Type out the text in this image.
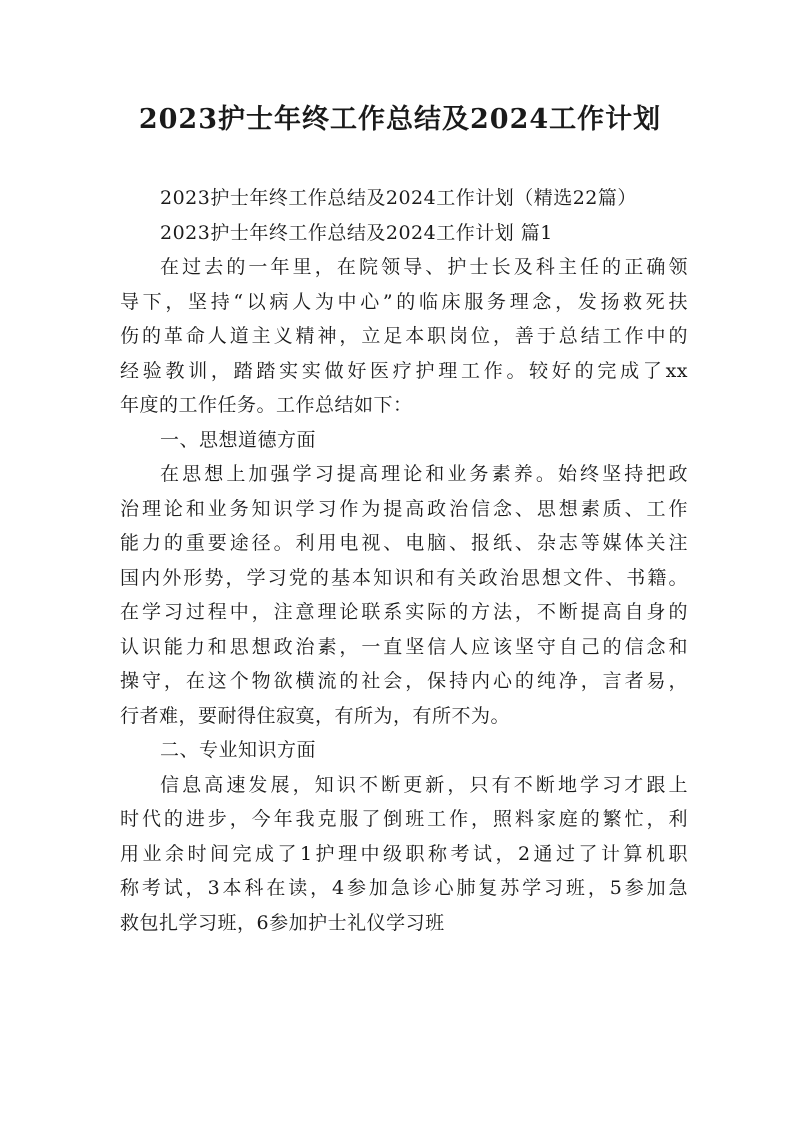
2023护士年终工作总结及2024工作计划
2023护士年终工作总结及2024工作计划（精选22篇）
2023护士年终工作总结及2024工作计划 篇1
在过去的一年里，在院领导、护士长及科主任的正确领
导下，坚持“以病人为中心”的临床服务理念，发扬救死扶
伤的革命人道主义精神，立足本职岗位，善于总结工作中的
经验教训，踏踏实实做好医疗护理工作。较好的完成了xx
年度的工作任务。工作总结如下：
一、思想道德方面
在思想上加强学习提高理论和业务素养。始终坚持把政
治理论和业务知识学习作为提高政治信念、思想素质、工作
能力的重要途径。利用电视、电脑、报纸、杂志等媒体关注
国内外形势，学习党的基本知识和有关政治思想文件、书籍。
在学习过程中，注意理论联系实际的方法，不断提高自身的
认识能力和思想政治素，一直坚信人应该坚守自己的信念和
操守，在这个物欲横流的社会，保持内心的纯净，言者易，
行者难，要耐得住寂寞，有所为，有所不为。
二、专业知识方面
信息高速发展，知识不断更新，只有不断地学习才跟上
时代的进步，今年我克服了倒班工作，照料家庭的繁忙，利
用业余时间完成了1护理中级职称考试，2通过了计算机职
称考试，3本科在读，4参加急诊心肺复苏学习班，5参加急
救包扎学习班，6参加护士礼仪学习班
